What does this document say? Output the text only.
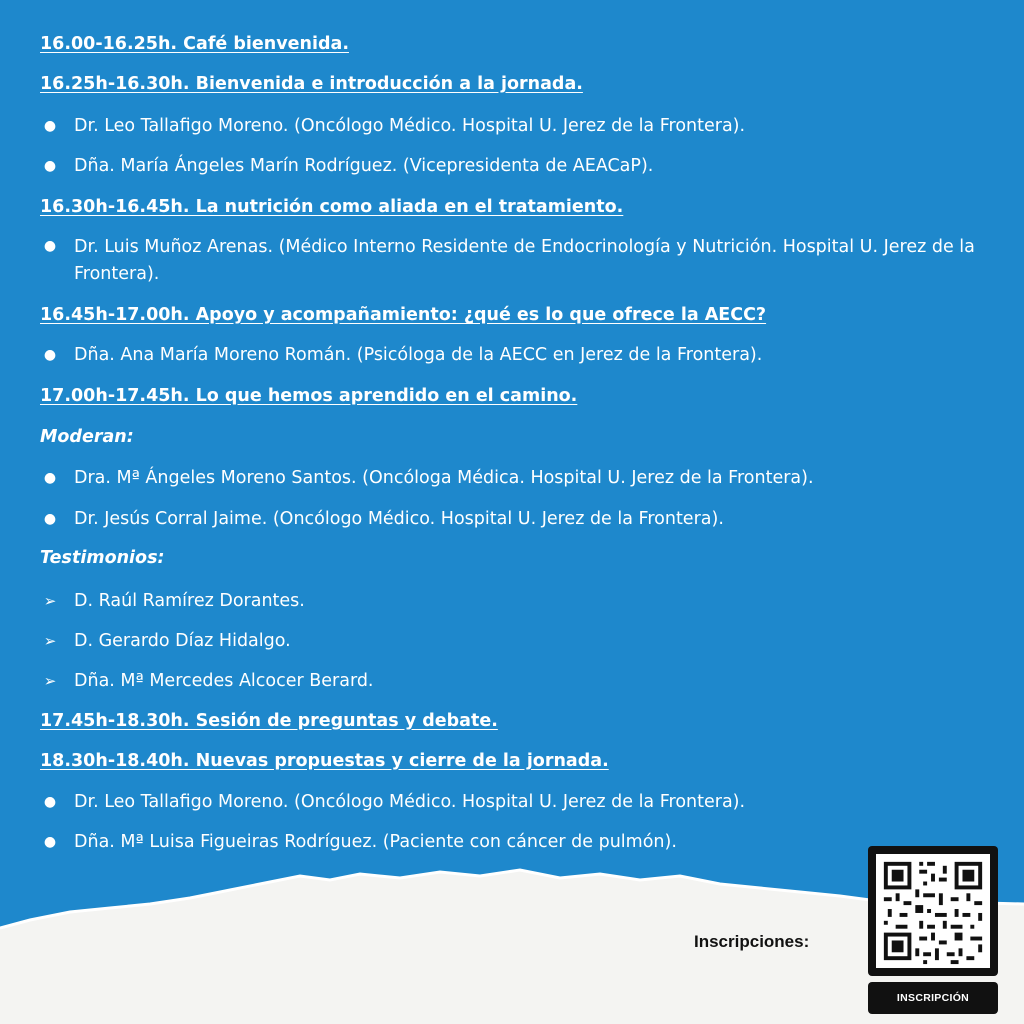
16.00-16.25h. Café bienvenida.
16.25h-16.30h. Bienvenida e introducción a la jornada.
● Dr. Leo Tallafigo Moreno. (Oncólogo Médico. Hospital U. Jerez de la Frontera).
● Dña. María Ángeles Marín Rodríguez. (Vicepresidenta de AEACaP).
16.30h-16.45h. La nutrición como aliada en el tratamiento.
● Dr. Luis Muñoz Arenas. (Médico Interno Residente de Endocrinología y Nutrición. Hospital U. Jerez de la Frontera).
16.45h-17.00h. Apoyo y acompañamiento: ¿qué es lo que ofrece la AECC?
● Dña. Ana María Moreno Román. (Psicóloga de la AECC en Jerez de la Frontera).
17.00h-17.45h. Lo que hemos aprendido en el camino.
Moderan:
● Dra. Mª Ángeles Moreno Santos. (Oncóloga Médica. Hospital U. Jerez de la Frontera).
● Dr. Jesús Corral Jaime. (Oncólogo Médico. Hospital U. Jerez de la Frontera).
Testimonios:
➢ D. Raúl Ramírez Dorantes.
➢ D. Gerardo Díaz Hidalgo.
➢ Dña. Mª Mercedes Alcocer Berard.
17.45h-18.30h. Sesión de preguntas y debate.
18.30h-18.40h. Nuevas propuestas y cierre de la jornada.
● Dr. Leo Tallafigo Moreno. (Oncólogo Médico. Hospital U. Jerez de la Frontera).
● Dña. Mª Luisa Figueiras Rodríguez. (Paciente con cáncer de pulmón).
Inscripciones:
INSCRIPCIÓN
